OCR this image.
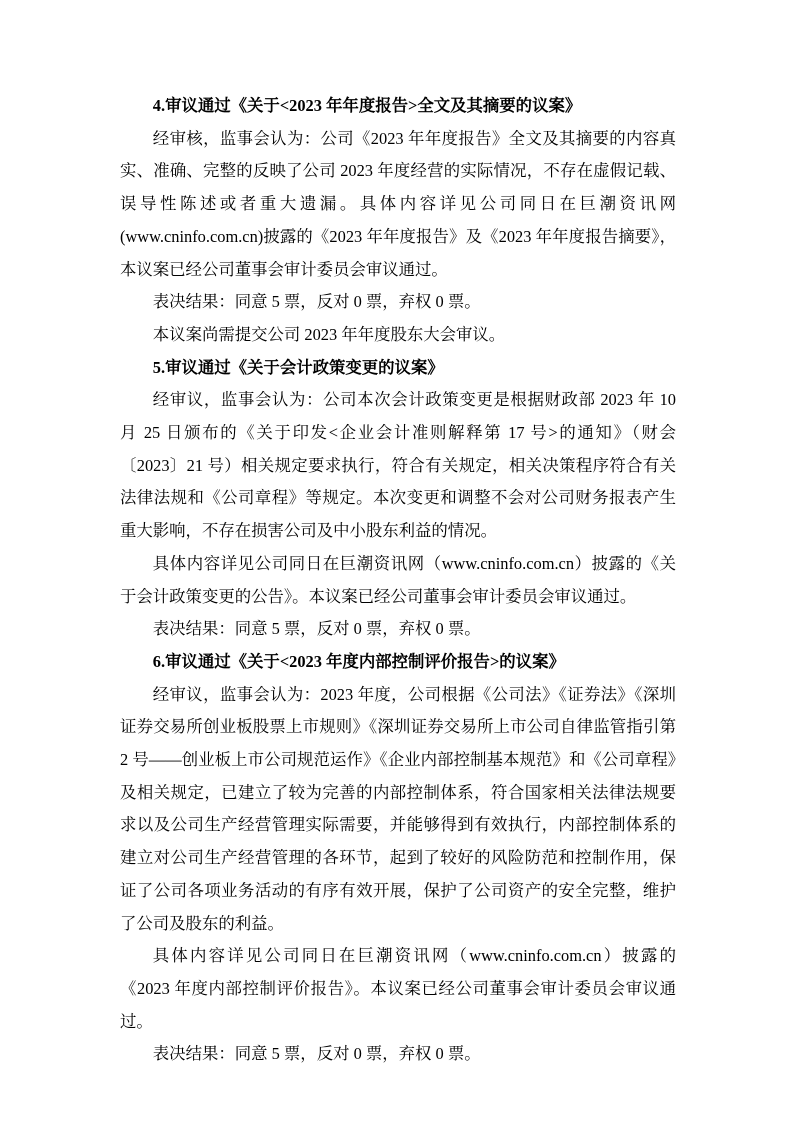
4.审议通过《关于<2023 年年度报告>全文及其摘要的议案》

经审核，监事会认为：公司《2023 年年度报告》全文及其摘要的内容真实、准确、完整的反映了公司 2023 年度经营的实际情况，不存在虚假记载、误导性陈述或者重大遗漏。具体内容详见公司同日在巨潮资讯网(www.cninfo.com.cn)披露的《2023 年年度报告》及《2023 年年度报告摘要》，本议案已经公司董事会审计委员会审议通过。

表决结果：同意 5 票，反对 0 票，弃权 0 票。

本议案尚需提交公司 2023 年年度股东大会审议。

5.审议通过《关于会计政策变更的议案》

经审议，监事会认为：公司本次会计政策变更是根据财政部 2023 年 10 月 25 日颁布的《关于印发<企业会计准则解释第 17 号>的通知》（财会〔2023〕21 号）相关规定要求执行，符合有关规定，相关决策程序符合有关法律法规和《公司章程》等规定。本次变更和调整不会对公司财务报表产生重大影响，不存在损害公司及中小股东利益的情况。

具体内容详见公司同日在巨潮资讯网（www.cninfo.com.cn）披露的《关于会计政策变更的公告》。本议案已经公司董事会审计委员会审议通过。

表决结果：同意 5 票，反对 0 票，弃权 0 票。

6.审议通过《关于<2023 年度内部控制评价报告>的议案》

经审议，监事会认为：2023 年度，公司根据《公司法》《证券法》《深圳证券交易所创业板股票上市规则》《深圳证券交易所上市公司自律监管指引第 2 号——创业板上市公司规范运作》《企业内部控制基本规范》和《公司章程》及相关规定，已建立了较为完善的内部控制体系，符合国家相关法律法规要求以及公司生产经营管理实际需要，并能够得到有效执行，内部控制体系的建立对公司生产经营管理的各环节，起到了较好的风险防范和控制作用，保证了公司各项业务活动的有序有效开展，保护了公司资产的安全完整，维护了公司及股东的利益。

具体内容详见公司同日在巨潮资讯网（www.cninfo.com.cn）披露的《2023 年度内部控制评价报告》。本议案已经公司董事会审计委员会审议通过。

表决结果：同意 5 票，反对 0 票，弃权 0 票。
